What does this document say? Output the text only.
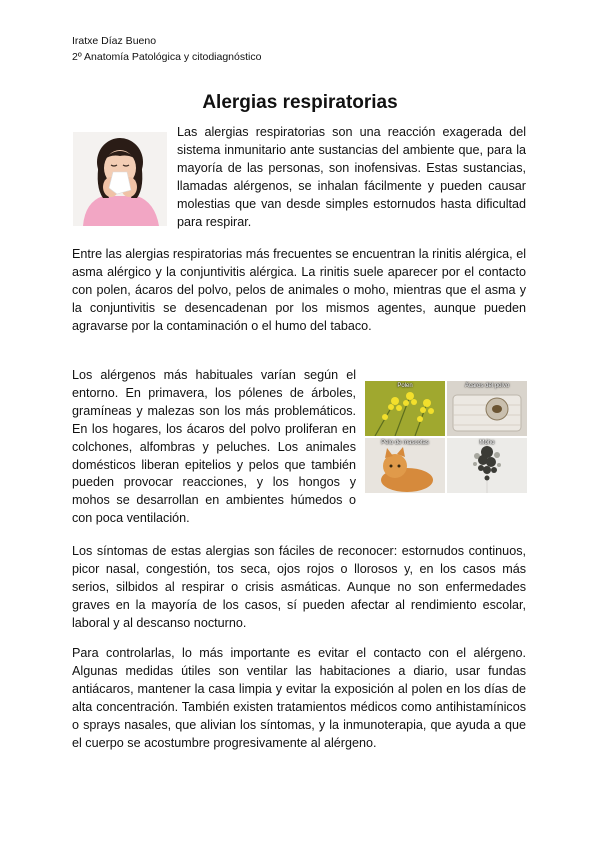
Iratxe Díaz Bueno
2º Anatomía Patológica y citodiagnóstico
Alergias respiratorias

Las alergias respiratorias son una reacción exagerada del sistema inmunitario ante sustancias del ambiente que, para la mayoría de las personas, son inofensivas. Estas sustancias, llamadas alérgenos, se inhalan fácilmente y pueden causar molestias que van desde simples estornudos hasta dificultad para respirar.

Entre las alergias respiratorias más frecuentes se encuentran la rinitis alérgica, el asma alérgico y la conjuntivitis alérgica. La rinitis suele aparecer por el contacto con polen, ácaros del polvo, pelos de animales o moho, mientras que el asma y la conjuntivitis se desencadenan por los mismos agentes, aunque pueden agravarse por la contaminación o el humo del tabaco.

Los alérgenos más habituales varían según el entorno. En primavera, los pólenes de árboles, gramíneas y malezas son los más problemáticos. En los hogares, los ácaros del polvo proliferan en colchones, alfombras y peluches. Los animales domésticos liberan epitelios y pelos que también pueden provocar reacciones, y los hongos y mohos se desarrollan en ambientes húmedos o con poca ventilación.

Polen	Ácaros del polvo
Pelo de mascotas	Moho

Los síntomas de estas alergias son fáciles de reconocer: estornudos continuos, picor nasal, congestión, tos seca, ojos rojos o llorosos y, en los casos más serios, silbidos al respirar o crisis asmáticas. Aunque no son enfermedades graves en la mayoría de los casos, sí pueden afectar al rendimiento escolar, laboral y al descanso nocturno.

Para controlarlas, lo más importante es evitar el contacto con el alérgeno. Algunas medidas útiles son ventilar las habitaciones a diario, usar fundas antiácaros, mantener la casa limpia y evitar la exposición al polen en los días de alta concentración. También existen tratamientos médicos como antihistamínicos o sprays nasales, que alivian los síntomas, y la inmunoterapia, que ayuda a que el cuerpo se acostumbre progresivamente al alérgeno.
